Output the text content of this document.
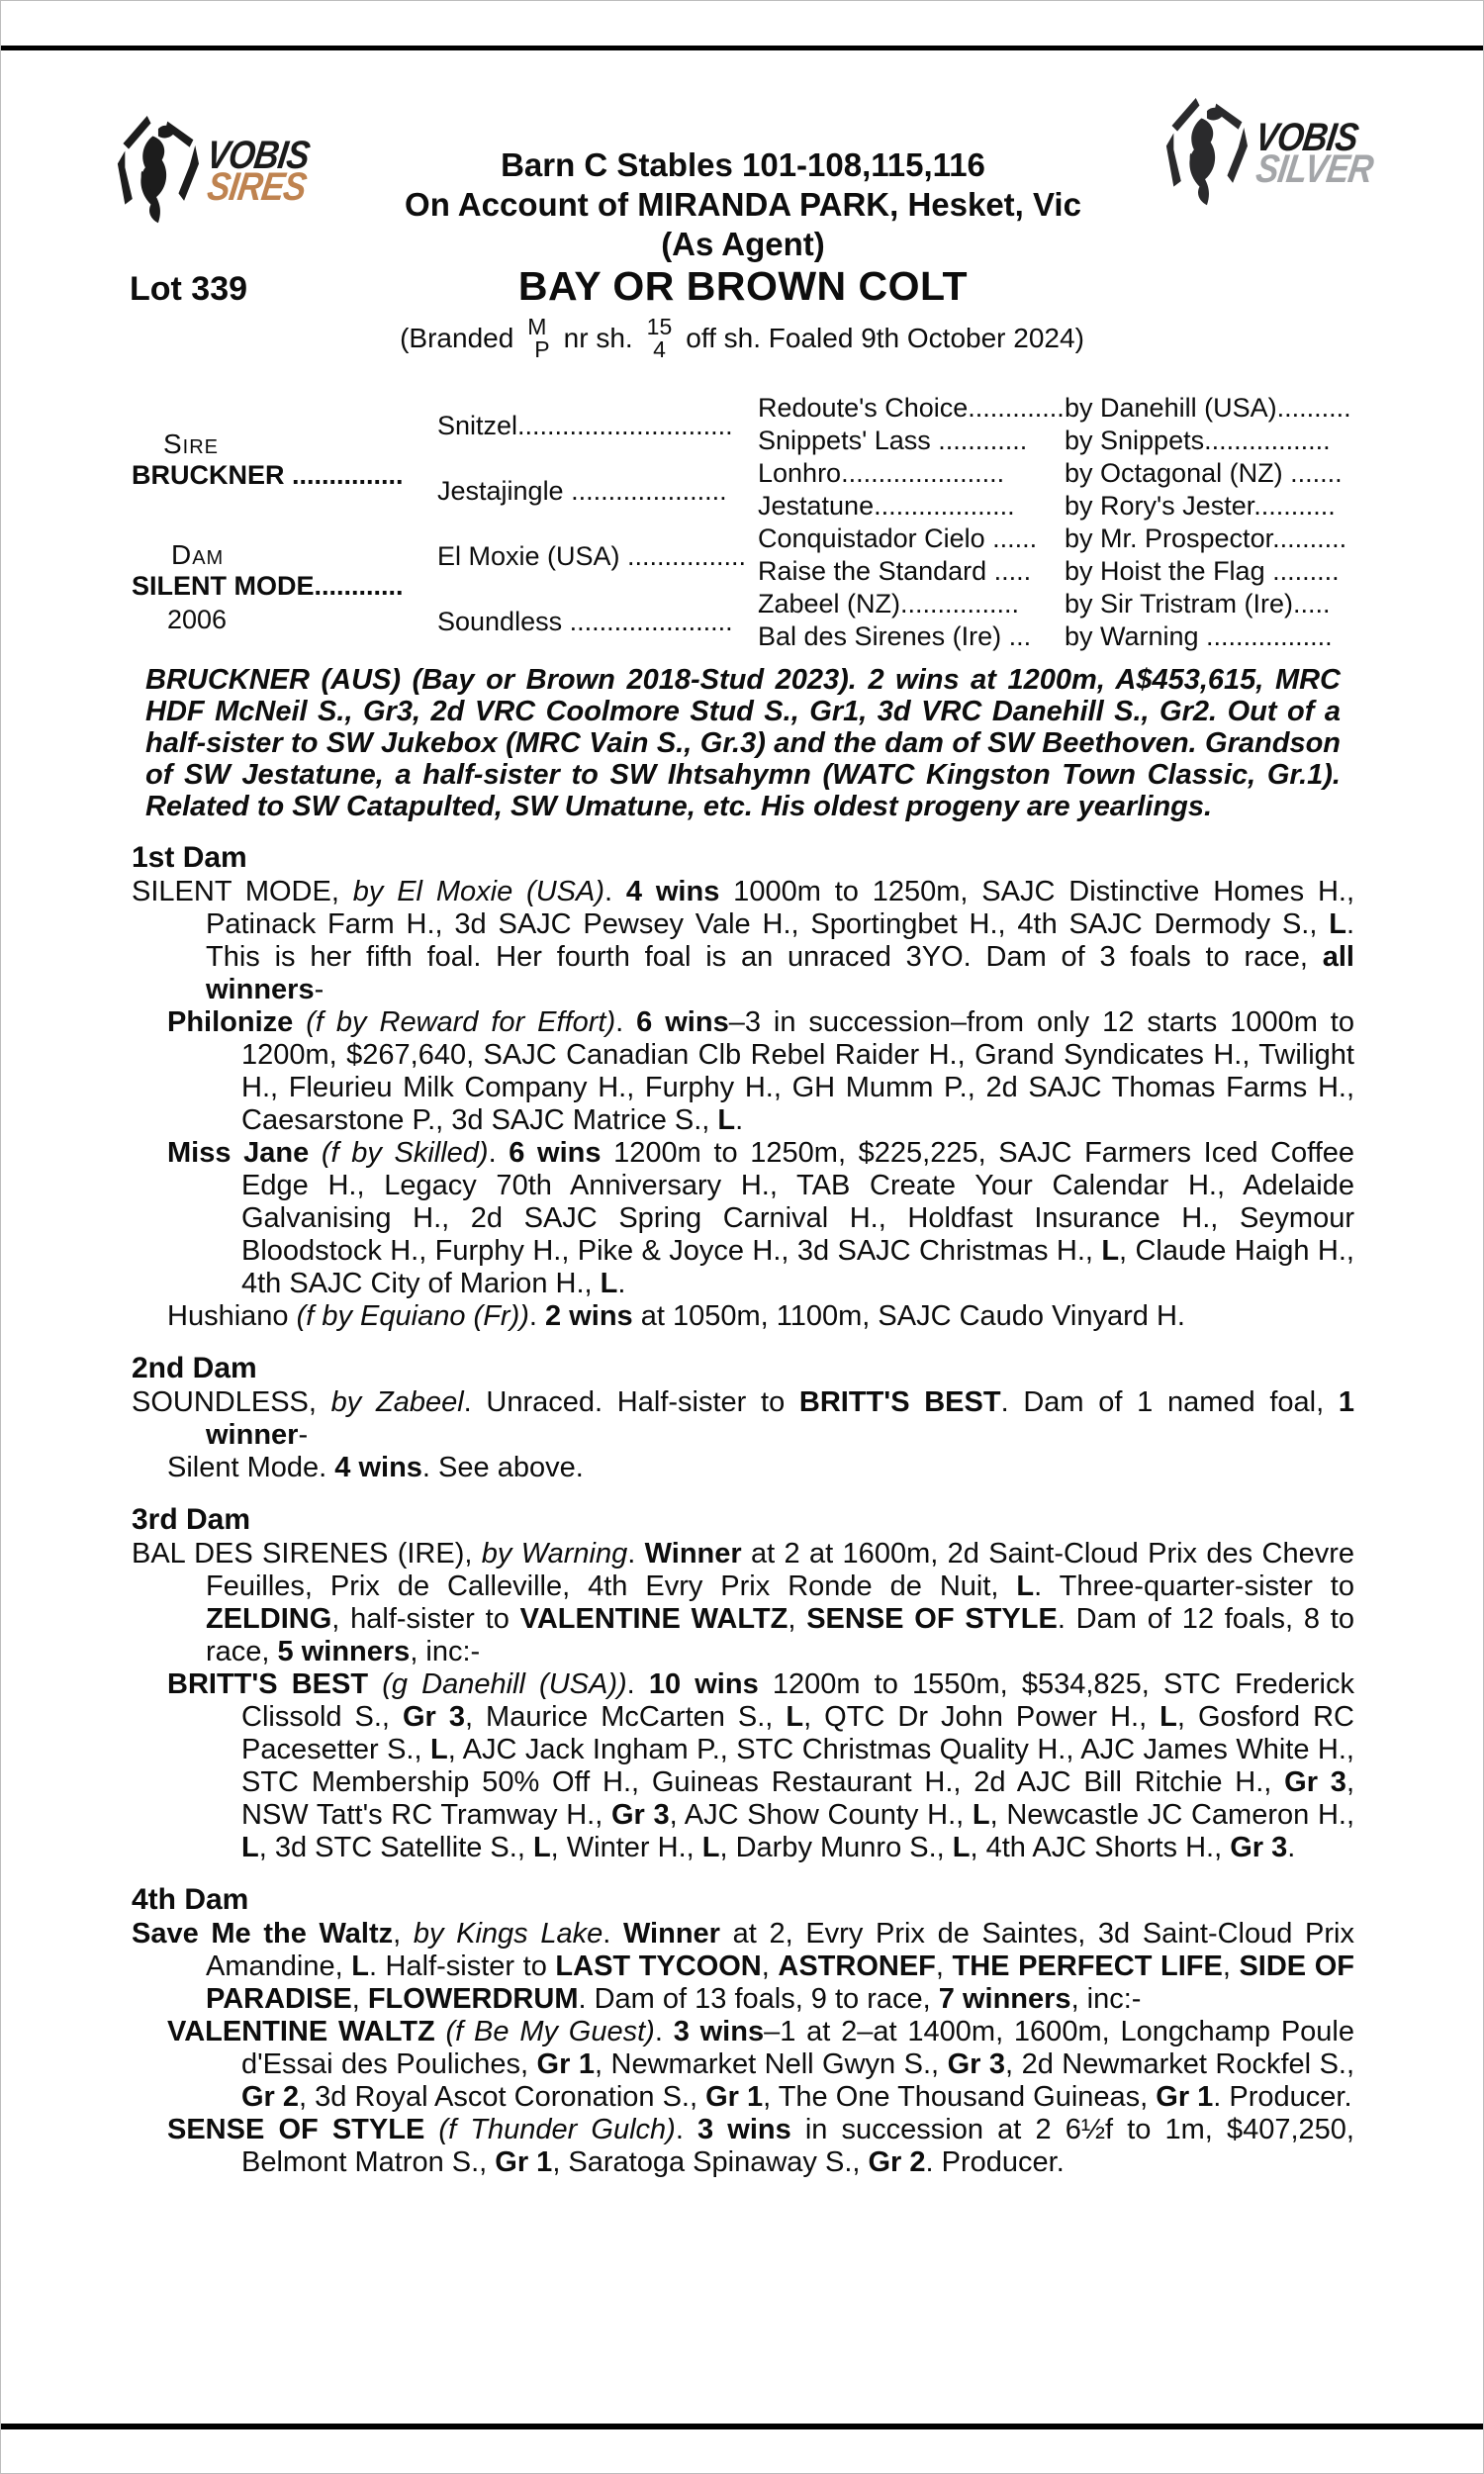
VOBIS
SIRES
VOBIS
SILVER
Barn C Stables 101-108,115,116
On Account of MIRANDA PARK, Hesket, Vic
(As Agent)
Lot 339	BAY OR BROWN COLT
(Branded M
P nr sh. 15
4 off sh. Foaled 9th October 2024)
Sire
BRUCKNER ...............
Dam
SILENT MODE............
2006
Snitzel.............................
Jestajingle .....................
El Moxie (USA) ................
Soundless ......................
Redoute's Choice.............
Snippets' Lass ............
Lonhro......................
Jestatune...................
Conquistador Cielo ......
Raise the Standard .....
Zabeel (NZ)................
Bal des Sirenes (Ire) ...
by Danehill (USA)..........
by Snippets.................
by Octagonal (NZ) .......
by Rory's Jester...........
by Mr. Prospector..........
by Hoist the Flag .........
by Sir Tristram (Ire).....
by Warning .................

BRUCKNER (AUS) (Bay or Brown 2018-Stud 2023). 2 wins at 1200m, A$453,615, MRC HDF McNeil S., Gr3, 2d VRC Coolmore Stud S., Gr1, 3d VRC Danehill S., Gr2. Out of a half-sister to SW Jukebox (MRC Vain S., Gr.3) and the dam of SW Beethoven. Grandson of SW Jestatune, a half-sister to SW Ihtsahymn (WATC Kingston Town Classic, Gr.1). Related to SW Catapulted, SW Umatune, etc. His oldest progeny are yearlings.

1st Dam

SILENT MODE, by El Moxie (USA). 4 wins 1000m to 1250m, SAJC Distinctive Homes H., Patinack Farm H., 3d SAJC Pewsey Vale H., Sportingbet H., 4th SAJC Dermody S., L. This is her fifth foal. Her fourth foal is an unraced 3YO. Dam of 3 foals to race, all winners-

Philonize (f by Reward for Effort). 6 wins–3 in succession–from only 12 starts 1000m to 1200m, $267,640, SAJC Canadian Clb Rebel Raider H., Grand Syndicates H., Twilight H., Fleurieu Milk Company H., Furphy H., GH Mumm P., 2d SAJC Thomas Farms H., Caesarstone P., 3d SAJC Matrice S., L.

Miss Jane (f by Skilled). 6 wins 1200m to 1250m, $225,225, SAJC Farmers Iced Coffee Edge H., Legacy 70th Anniversary H., TAB Create Your Calendar H., Adelaide Galvanising H., 2d SAJC Spring Carnival H., Holdfast Insurance H., Seymour Bloodstock H., Furphy H., Pike & Joyce H., 3d SAJC Christmas H., L, Claude Haigh H., 4th SAJC City of Marion H., L.

Hushiano (f by Equiano (Fr)). 2 wins at 1050m, 1100m, SAJC Caudo Vinyard H.

2nd Dam

SOUNDLESS, by Zabeel. Unraced. Half-sister to BRITT'S BEST. Dam of 1 named foal, 1 winner-

Silent Mode. 4 wins. See above.

3rd Dam

BAL DES SIRENES (IRE), by Warning. Winner at 2 at 1600m, 2d Saint-Cloud Prix des Chevre Feuilles, Prix de Calleville, 4th Evry Prix Ronde de Nuit, L. Three-quarter-sister to ZELDING, half-sister to VALENTINE WALTZ, SENSE OF STYLE. Dam of 12 foals, 8 to race, 5 winners, inc:-

BRITT'S BEST (g Danehill (USA)). 10 wins 1200m to 1550m, $534,825, STC Frederick Clissold S., Gr 3, Maurice McCarten S., L, QTC Dr John Power H., L, Gosford RC Pacesetter S., L, AJC Jack Ingham P., STC Christmas Quality H., AJC James White H., STC Membership 50% Off H., Guineas Restaurant H., 2d AJC Bill Ritchie H., Gr 3, NSW Tatt's RC Tramway H., Gr 3, AJC Show County H., L, Newcastle JC Cameron H., L, 3d STC Satellite S., L, Winter H., L, Darby Munro S., L, 4th AJC Shorts H., Gr 3.

4th Dam

Save Me the Waltz, by Kings Lake. Winner at 2, Evry Prix de Saintes, 3d Saint-Cloud Prix Amandine, L. Half-sister to LAST TYCOON, ASTRONEF, THE PERFECT LIFE, SIDE OF PARADISE, FLOWERDRUM. Dam of 13 foals, 9 to race, 7 winners, inc:-

VALENTINE WALTZ (f Be My Guest). 3 wins–1 at 2–at 1400m, 1600m, Longchamp Poule d'Essai des Pouliches, Gr 1, Newmarket Nell Gwyn S., Gr 3, 2d Newmarket Rockfel S., Gr 2, 3d Royal Ascot Coronation S., Gr 1, The One Thousand Guineas, Gr 1. Producer.

SENSE OF STYLE (f Thunder Gulch). 3 wins in succession at 2 6½f to 1m, $407,250, Belmont Matron S., Gr 1, Saratoga Spinaway S., Gr 2. Producer.
